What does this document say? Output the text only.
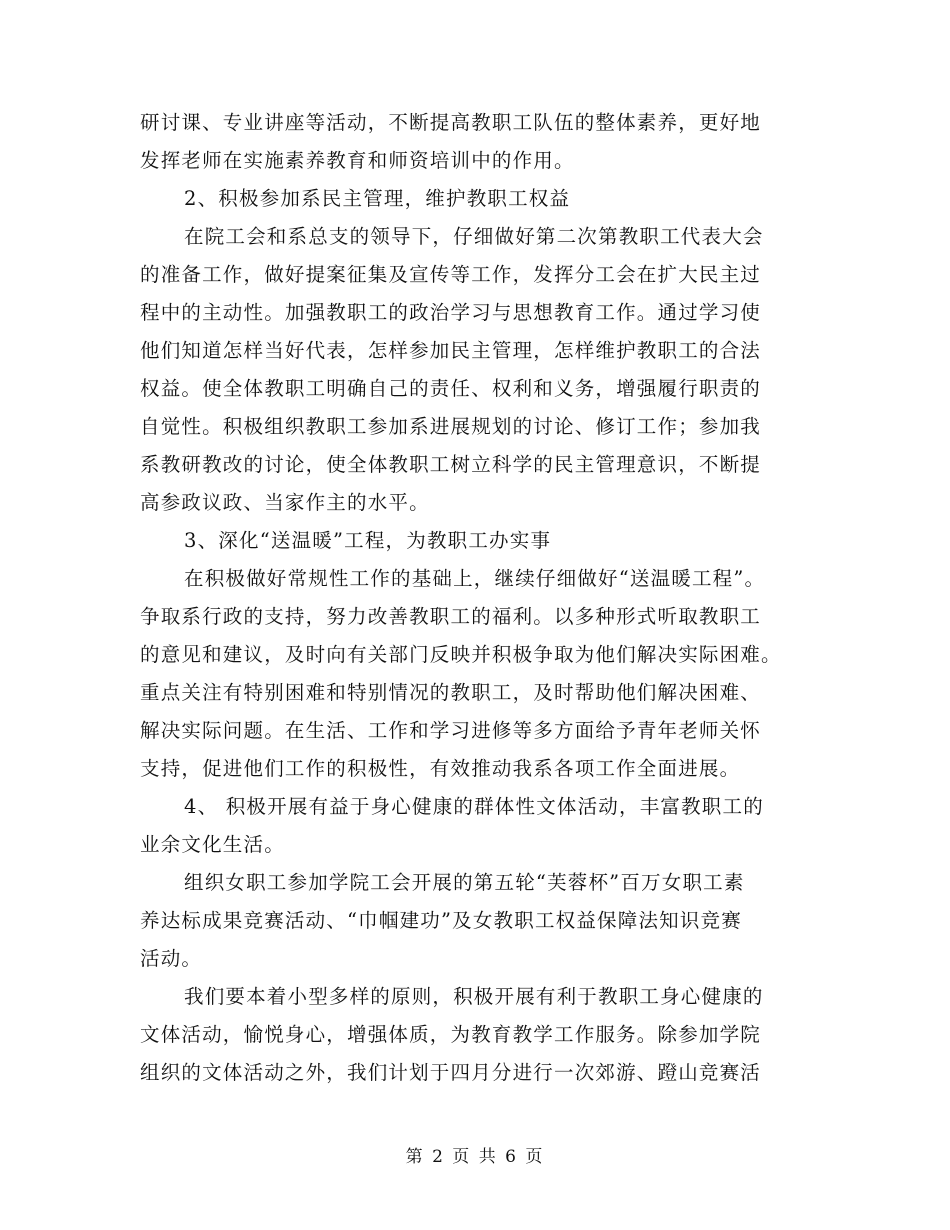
研讨课、专业讲座等活动，不断提高教职工队伍的整体素养，更好地
发挥老师在实施素养教育和师资培训中的作用。
2、积极参加系民主管理，维护教职工权益
在院工会和系总支的领导下，仔细做好第二次第教职工代表大会
的准备工作，做好提案征集及宣传等工作，发挥分工会在扩大民主过
程中的主动性。加强教职工的政治学习与思想教育工作。通过学习使
他们知道怎样当好代表，怎样参加民主管理，怎样维护教职工的合法
权益。使全体教职工明确自己的责任、权利和义务，增强履行职责的
自觉性。积极组织教职工参加系进展规划的讨论、修订工作；参加我
系教研教改的讨论，使全体教职工树立科学的民主管理意识，不断提
高参政议政、当家作主的水平。
3、深化“送温暖”工程，为教职工办实事
在积极做好常规性工作的基础上，继续仔细做好“送温暖工程”。
争取系行政的支持，努力改善教职工的福利。以多种形式听取教职工
的意见和建议，及时向有关部门反映并积极争取为他们解决实际困难。
重点关注有特别困难和特别情况的教职工，及时帮助他们解决困难、
解决实际问题。在生活、工作和学习进修等多方面给予青年老师关怀
支持，促进他们工作的积极性，有效推动我系各项工作全面进展。
4、 积极开展有益于身心健康的群体性文体活动，丰富教职工的
业余文化生活。
组织女职工参加学院工会开展的第五轮“芙蓉杯”百万女职工素
养达标成果竞赛活动、“巾帼建功”及女教职工权益保障法知识竞赛
活动。
我们要本着小型多样的原则，积极开展有利于教职工身心健康的
文体活动，愉悦身心，增强体质，为教育教学工作服务。除参加学院
组织的文体活动之外，我们计划于四月分进行一次郊游、蹬山竞赛活
第 2 页 共 6 页
